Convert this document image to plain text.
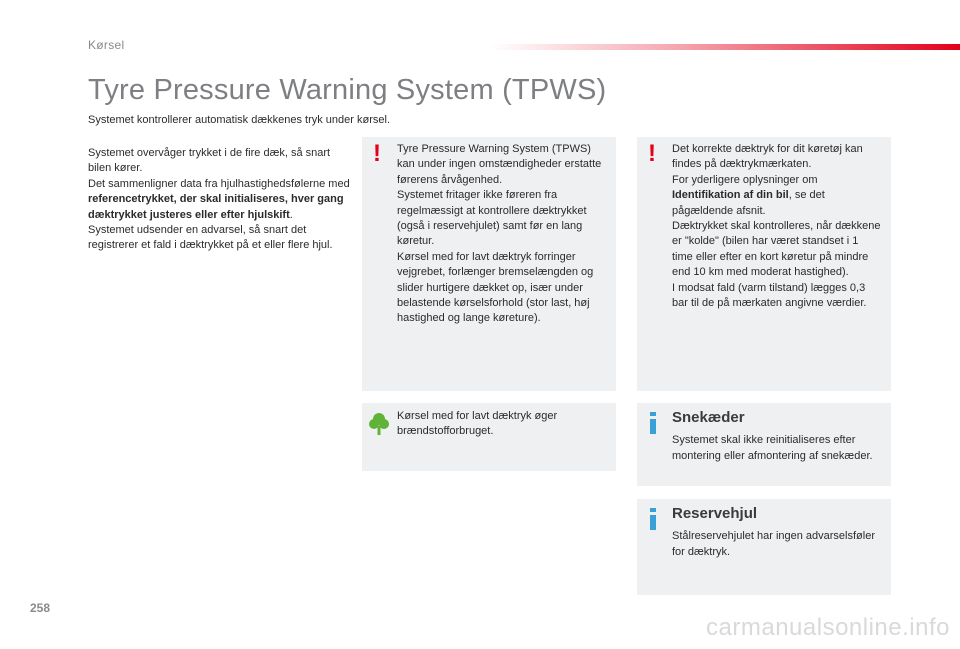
Kørsel
Tyre Pressure Warning System (TPWS)
Systemet kontrollerer automatisk dækkenes tryk under kørsel.

Systemet overvåger trykket i de fire dæk, så snart bilen kører.

Det sammenligner data fra hjulhastighedsfølerne med referencetrykket, der skal initialiseres, hver gang dæktrykket justeres eller efter hjulskift.

Systemet udsender en advarsel, så snart det registrerer et fald i dæktrykket på et eller flere hjul.

! Tyre Pressure Warning System (TPWS) kan under ingen omstændigheder erstatte førerens årvågenhed.

Systemet fritager ikke føreren fra regelmæssigt at kontrollere dæktrykket (også i reservehjulet) samt før en lang køretur.

Kørsel med for lavt dæktryk forringer vejgrebet, forlænger bremselængden og slider hurtigere dækket op, især under belastende kørselsforhold (stor last, høj hastighed og lange køreture).

! Det korrekte dæktryk for dit køretøj kan findes på dæktrykmærkaten.

For yderligere oplysninger om Identifikation af din bil, se det pågældende afsnit.

Dæktrykket skal kontrolleres, når dækkene er "kolde" (bilen har været standset i 1 time eller efter en kort køretur på mindre end 10 km med moderat hastighed).

I modsat fald (varm tilstand) lægges 0,3 bar til de på mærkaten angivne værdier.

Kørsel med for lavt dæktryk øger brændstofforbruget.
Snekæder

Systemet skal ikke reinitialiseres efter montering eller afmontering af snekæder.

Reservehjul

Stålreservehjulet har ingen advarselsføler for dæktryk.

258
carmanualsonline.info
